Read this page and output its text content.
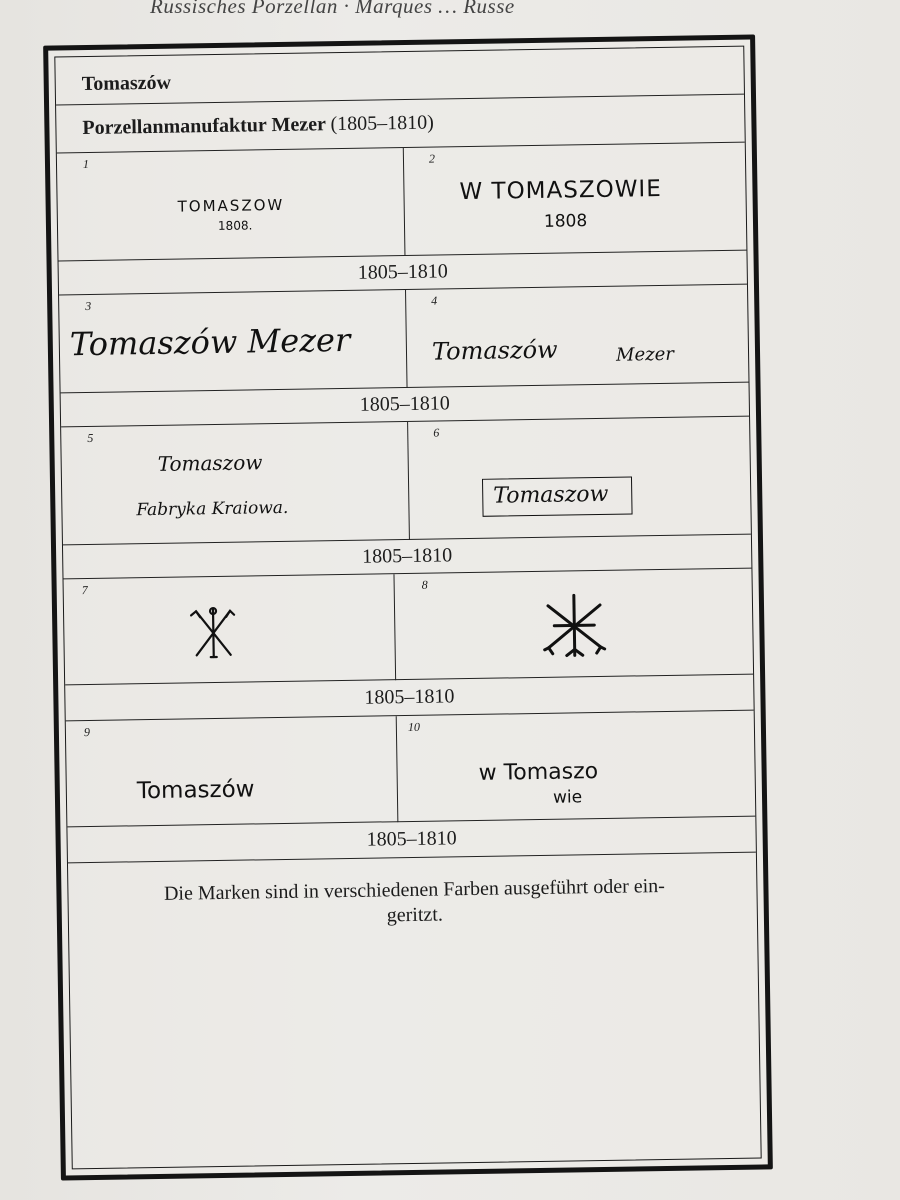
Russisches Porzellan · Marques … Russe
Tomaszów
Porzellanmanufaktur Mezer (1805–1810)
1
TOMASZOW
1808.
2
W TOMASZOWIE
1808
1805–1810
3
Tomaszów Mezer
4
Tomaszów	Mezer
1805–1810
5
Tomaszow
Fabryka Kraiowa.
6
Tomaszow
1805–1810
7	8
1805–1810
9
Tomaszów
10
w Tomaszo
wie
1805–1810
Die Marken sind in verschiedenen Farben ausgeführt oder ein-
geritzt.
